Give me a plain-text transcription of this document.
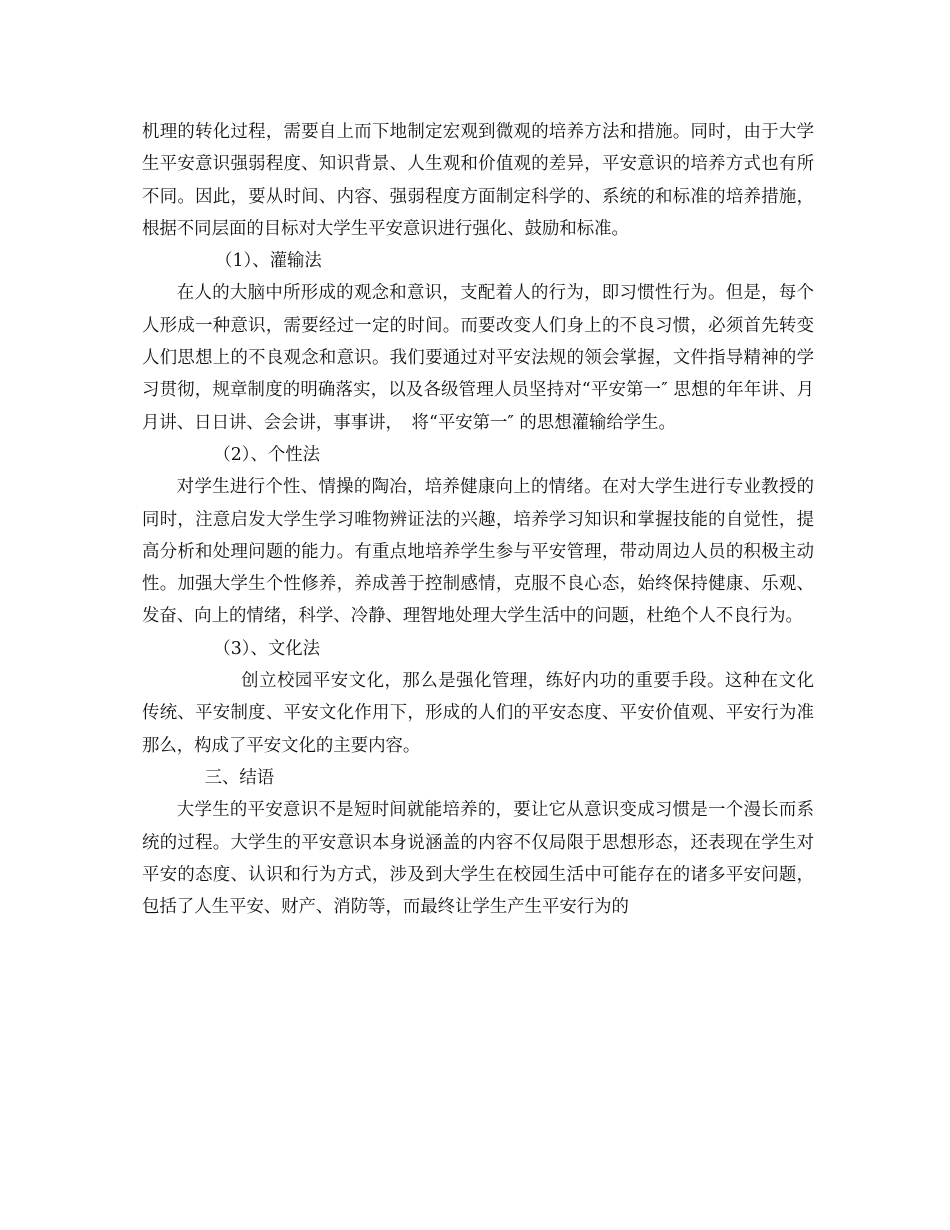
机理的转化过程，需要自上而下地制定宏观到微观的培养方法和措施。同时，由于大学生平安意识强弱程度、知识背景、人生观和价值观的差异，平安意识的培养方式也有所不同。因此，要从时间、内容、强弱程度方面制定科学的、系统的和标准的培养措施，根据不同层面的目标对大学生平安意识进行强化、鼓励和标准。

（1）、灌输法

在人的大脑中所形成的观念和意识，支配着人的行为，即习惯性行为。但是，每个人形成一种意识，需要经过一定的时间。而要改变人们身上的不良习惯，必须首先转变人们思想上的不良观念和意识。我们要通过对平安法规的领会掌握，文件指导精神的学习贯彻，规章制度的明确落实，以及各级管理人员坚持对“平安第一″ 思想的年年讲、月月讲、日日讲、会会讲，事事讲，　将“平安第一″ 的思想灌输给学生。

（2）、个性法

对学生进行个性、情操的陶冶，培养健康向上的情绪。在对大学生进行专业教授的同时，注意启发大学生学习唯物辨证法的兴趣，培养学习知识和掌握技能的自觉性，提高分析和处理问题的能力。有重点地培养学生参与平安管理，带动周边人员的积极主动性。加强大学生个性修养，养成善于控制感情，克服不良心态，始终保持健康、乐观、发奋、向上的情绪，科学、冷静、理智地处理大学生活中的问题，杜绝个人不良行为。

（3）、文化法

创立校园平安文化，那么是强化管理，练好内功的重要手段。这种在文化传统、平安制度、平安文化作用下，形成的人们的平安态度、平安价值观、平安行为准那么，构成了平安文化的主要内容。

三、结语

大学生的平安意识不是短时间就能培养的，要让它从意识变成习惯是一个漫长而系统的过程。大学生的平安意识本身说涵盖的内容不仅局限于思想形态，还表现在学生对平安的态度、认识和行为方式，涉及到大学生在校园生活中可能存在的诸多平安问题，包括了人生平安、财产、消防等，而最终让学生产生平安行为的
